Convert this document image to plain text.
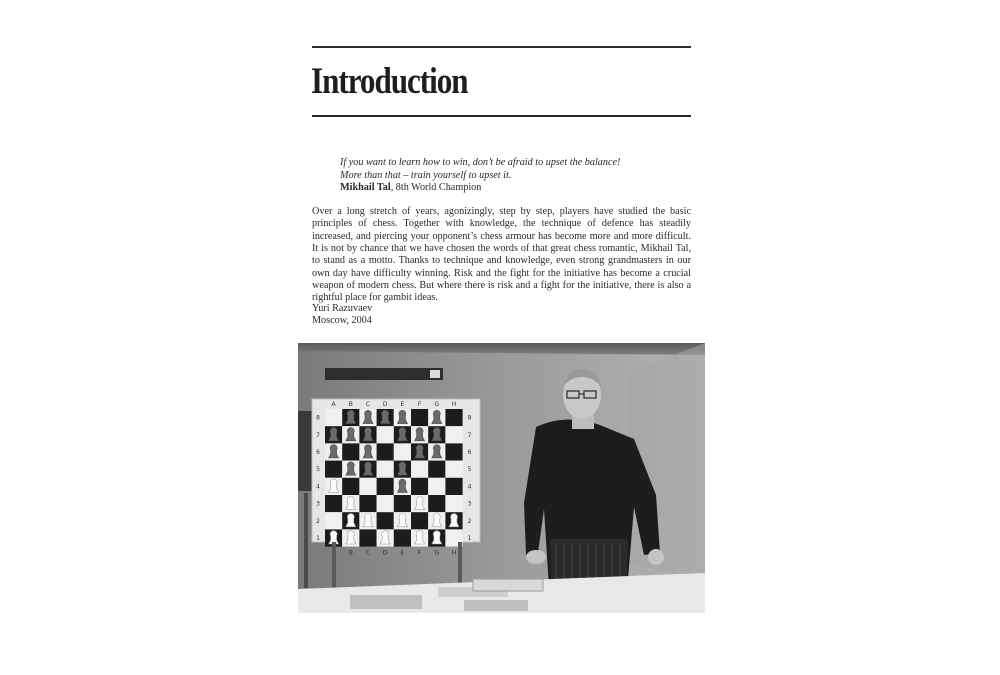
Introduction
If you want to learn how to win, don’t be afraid to upset the balance!
More than that – train yourself to upset it.
Mikhail Tal, 8th World Champion

Over a long stretch of years, agonizingly, step by step, players have studied the basic principles of chess. Together with knowledge, the technique of defence has steadily increased, and piercing your opponent’s chess armour has become more and more difficult. It is not by chance that we have chosen the words of that great chess romantic, Mikhail Tal, to stand as a motto. Thanks to technique and knowledge, even strong grandmasters in our own day have difficulty winning. Risk and the fight for the initiative has become a crucial weapon of modern chess. But where there is risk and a fight for the initiative, there is also a rightful place for gambit ideas.

Yuri Razuvaev
Moscow, 2004
A B
B
C
C
D
D
E
E
F
F
G
G
H
H
8	8
7	7
6	6
5	5
4	4
3	3
2	2
1	1
